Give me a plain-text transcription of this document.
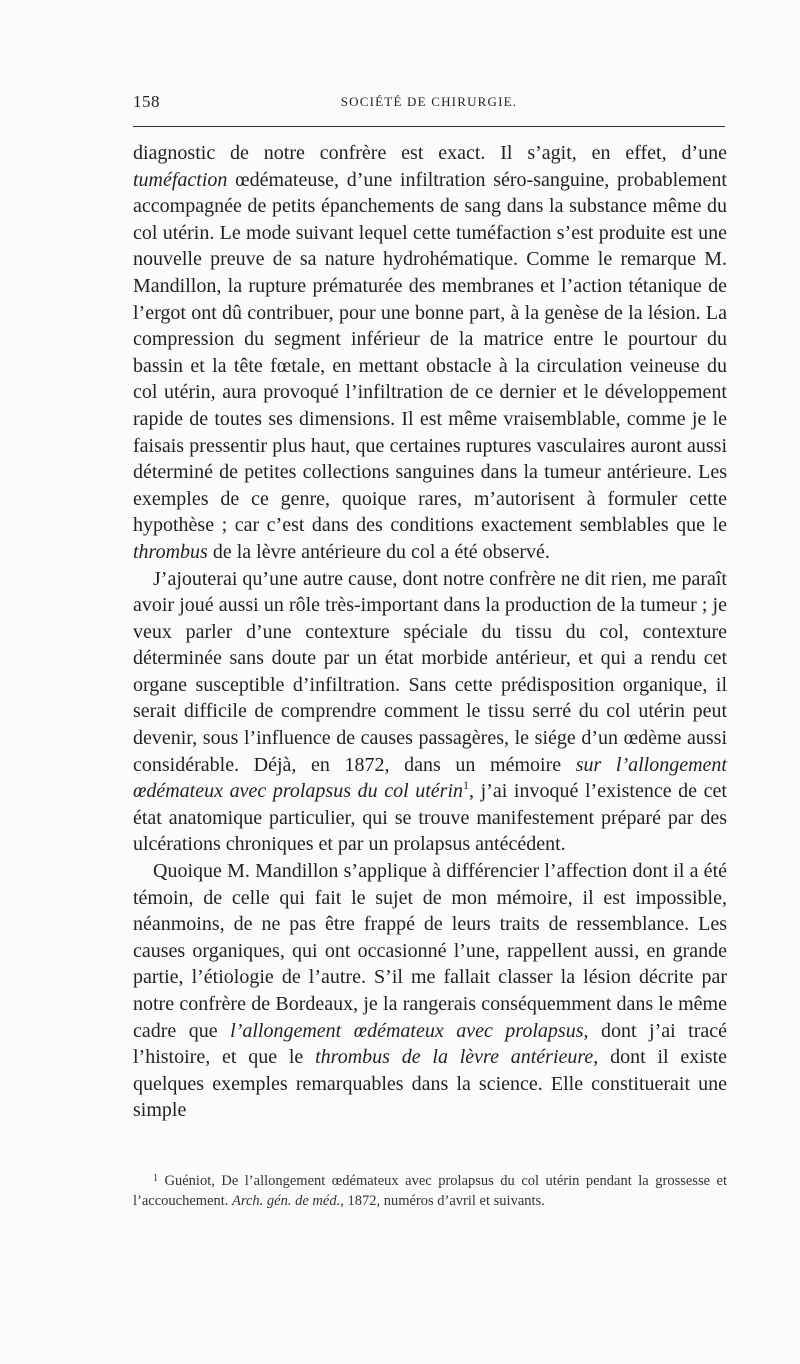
158	SOCIÉTÉ DE CHIRURGIE.

diagnostic de notre confrère est exact. Il s’agit, en effet, d’une tuméfaction œdémateuse, d’une infiltration séro-sanguine, probablement accompagnée de petits épanchements de sang dans la substance même du col utérin. Le mode suivant lequel cette tuméfaction s’est produite est une nouvelle preuve de sa nature hydrohématique. Comme le remarque M. Mandillon, la rupture prématurée des membranes et l’action tétanique de l’ergot ont dû contribuer, pour une bonne part, à la genèse de la lésion. La compression du segment inférieur de la matrice entre le pourtour du bassin et la tête fœtale, en mettant obstacle à la circulation veineuse du col utérin, aura provoqué l’infiltration de ce dernier et le développement rapide de toutes ses dimensions. Il est même vraisemblable, comme je le faisais pressentir plus haut, que certaines ruptures vasculaires auront aussi déterminé de petites collections sanguines dans la tumeur antérieure. Les exemples de ce genre, quoique rares, m’autorisent à formuler cette hypothèse ; car c’est dans des conditions exactement semblables que le thrombus de la lèvre antérieure du col a été observé.

J’ajouterai qu’une autre cause, dont notre confrère ne dit rien, me paraît avoir joué aussi un rôle très-important dans la production de la tumeur ; je veux parler d’une contexture spéciale du tissu du col, contexture déterminée sans doute par un état morbide antérieur, et qui a rendu cet organe susceptible d’infiltration. Sans cette prédisposition organique, il serait difficile de comprendre comment le tissu serré du col utérin peut devenir, sous l’influence de causes passagères, le siége d’un œdème aussi considérable. Déjà, en 1872, dans un mémoire sur l’allongement œdémateux avec prolapsus du col utérin$^1$, j’ai invoqué l’existence de cet état anatomique particulier, qui se trouve manifestement préparé par des ulcérations chroniques et par un prolapsus antécédent.

Quoique M. Mandillon s’applique à différencier l’affection dont il a été témoin, de celle qui fait le sujet de mon mémoire, il est impossible, néanmoins, de ne pas être frappé de leurs traits de ressemblance. Les causes organiques, qui ont occasionné l’une, rappellent aussi, en grande partie, l’étiologie de l’autre. S’il me fallait classer la lésion décrite par notre confrère de Bordeaux, je la rangerais conséquemment dans le même cadre que l’allongement œdémateux avec prolapsus, dont j’ai tracé l’histoire, et que le thrombus de la lèvre antérieure, dont il existe quelques exemples remarquables dans la science. Elle constituerait une simple

$^1$ Guéniot, De l’allongement œdémateux avec prolapsus du col utérin pendant la grossesse et l’accouchement. Arch. gén. de méd., 1872, numéros d’avril et suivants.
